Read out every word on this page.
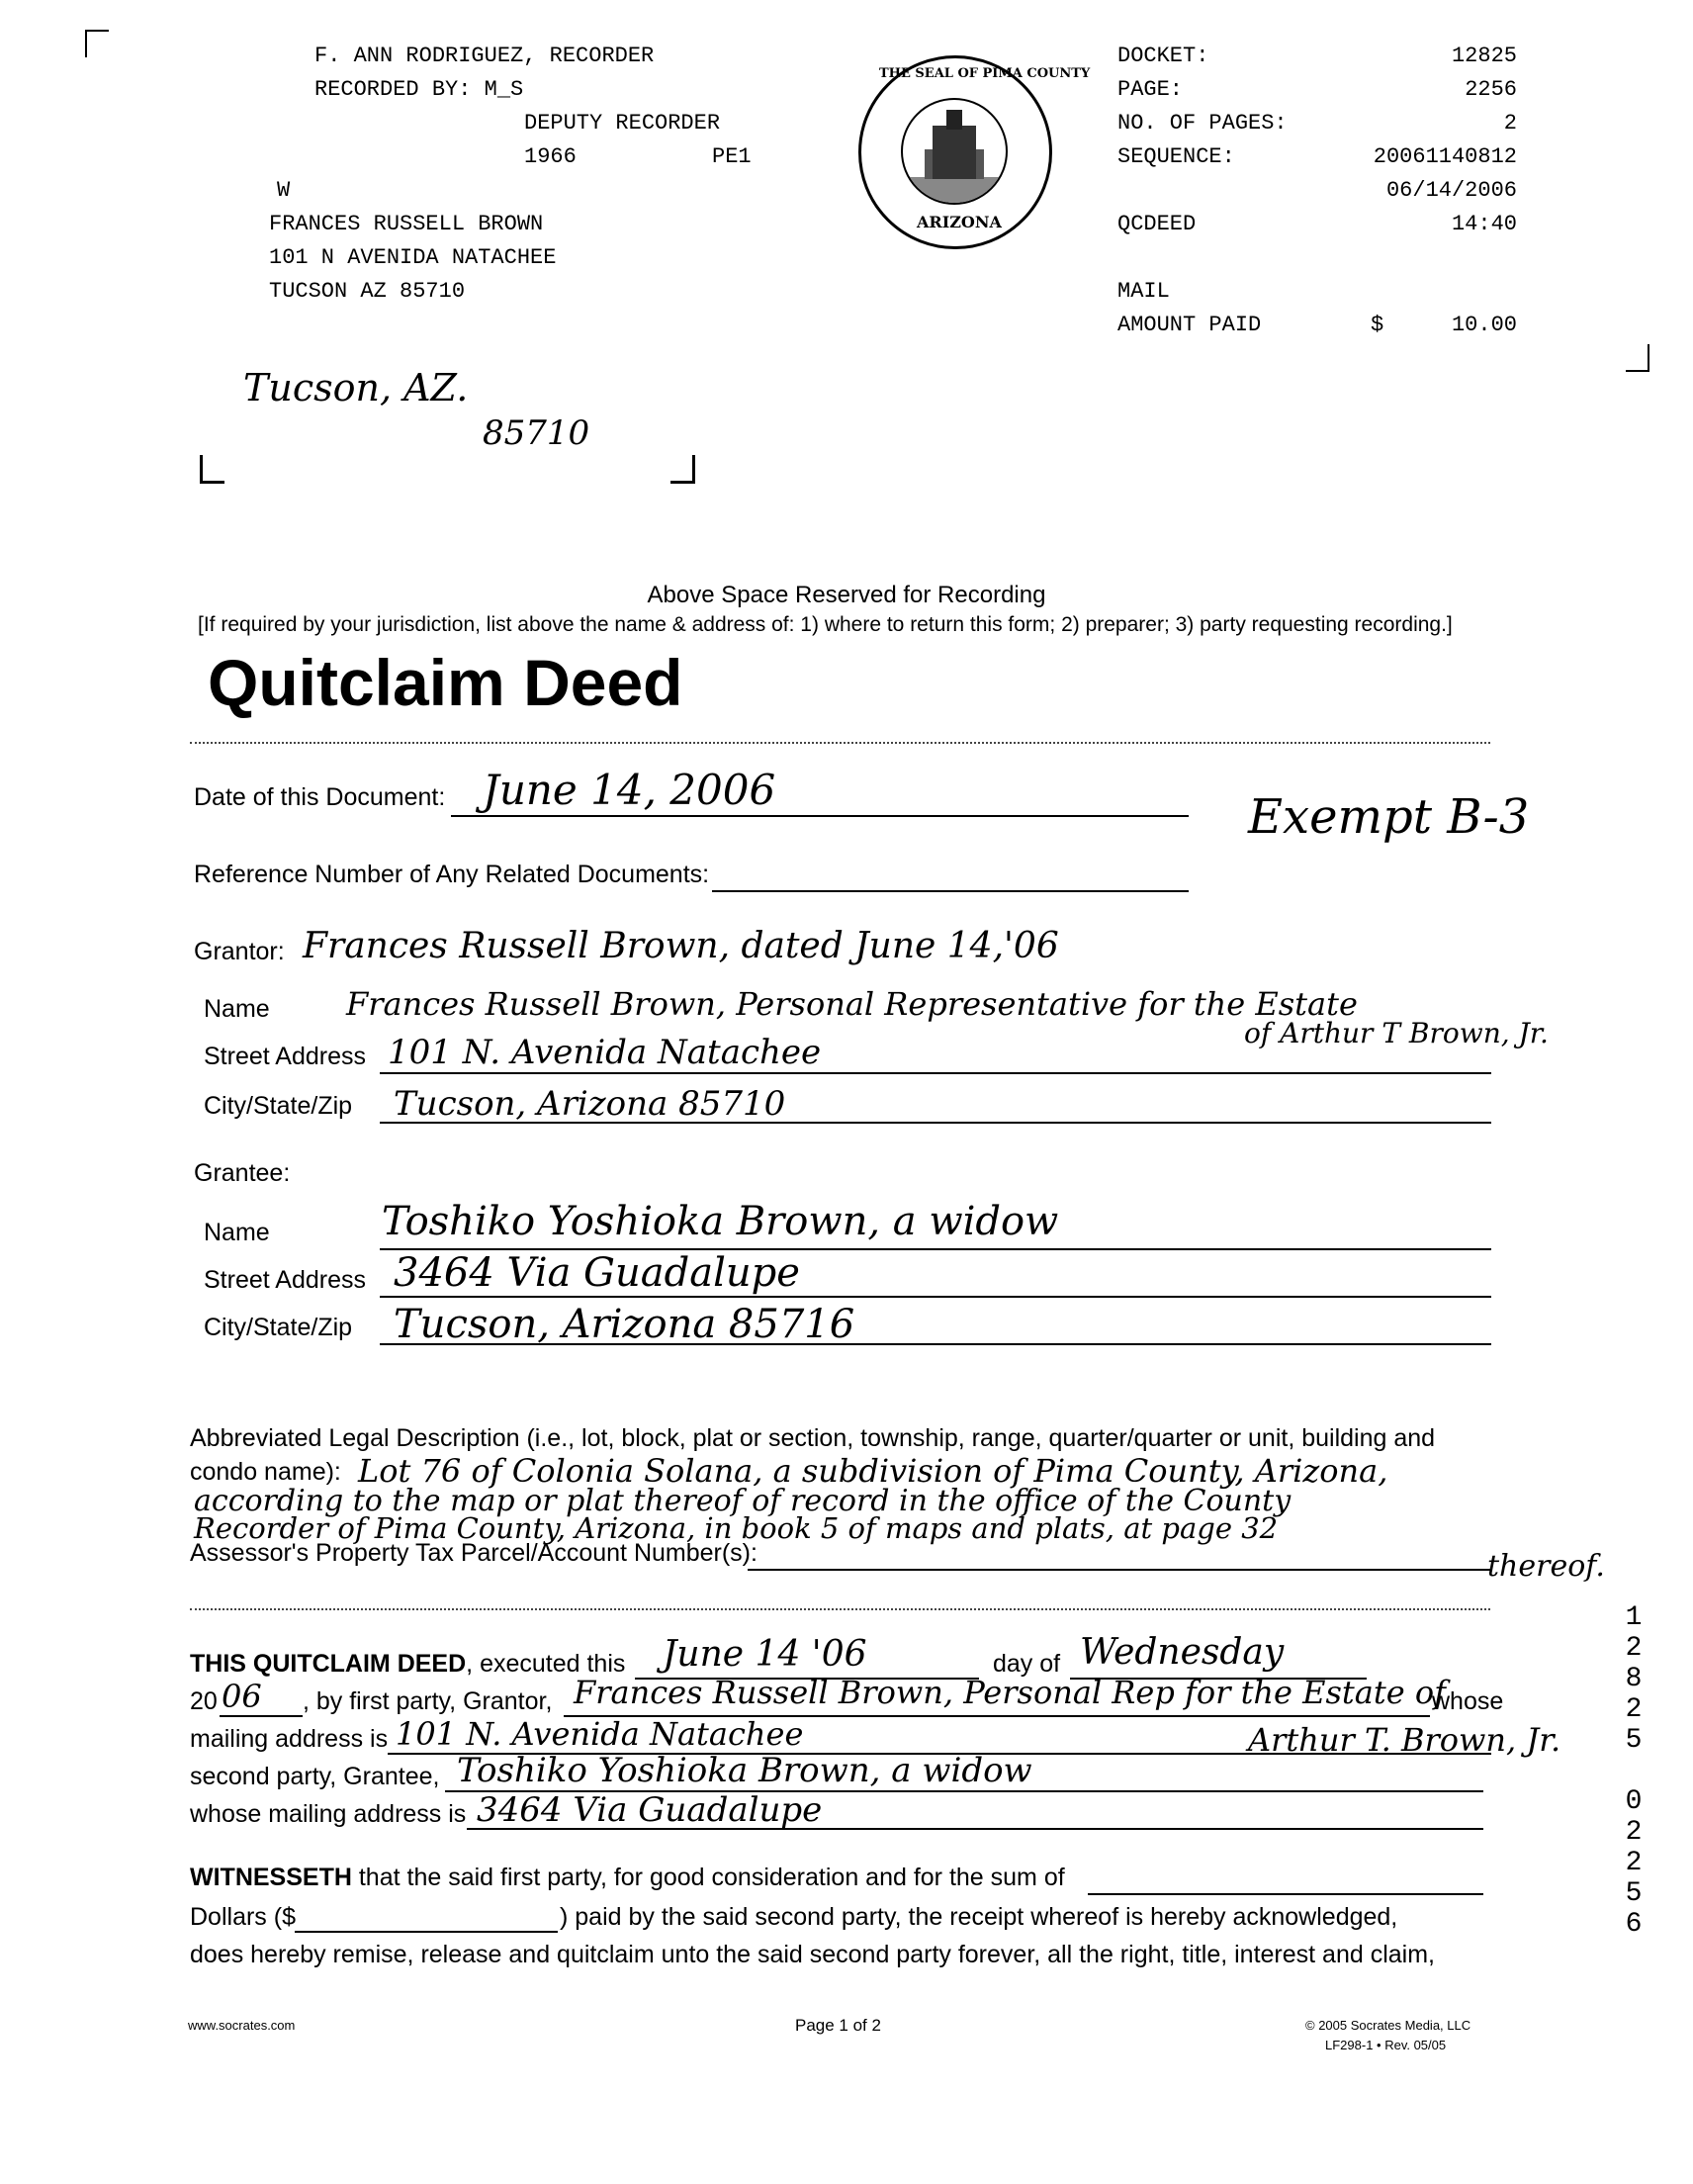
F. ANN RODRIGUEZ, RECORDER
RECORDED BY: M_S
DEPUTY RECORDER
1966	PE1
W
FRANCES RUSSELL BROWN
101 N AVENIDA NATACHEE
TUCSON AZ 85710
THE SEAL OF PIMA COUNTY
ARIZONA
DOCKET:	12825
PAGE:	2256
NO. OF PAGES:	2
SEQUENCE:	20061140812
06/14/2006
QCDEED	14:40
MAIL
AMOUNT PAID	$	10.00
Tucson, AZ.
85710
Above Space Reserved for Recording
[If required by your jurisdiction, list above the name & address of: 1) where to return this form; 2) preparer; 3) party requesting recording.]
Quitclaim Deed
Date of this Document: June 14, 2006	Exempt B-3
Reference Number of Any Related Documents:
Grantor: Frances Russell Brown, dated June 14,'06
Name Frances Russell Brown, Personal Representative for the Estate
of Arthur T Brown, Jr.
Street Address 101 N. Avenida Natachee
City/State/Zip Tucson, Arizona 85710
Grantee:
Name	Toshiko Yoshioka Brown, a widow
Street Address 3464 Via Guadalupe
City/State/Zip Tucson, Arizona 85716
Abbreviated Legal Description (i.e., lot, block, plat or section, township, range, quarter/quarter or unit, building and
condo name): Lot 76 of Colonia Solana, a subdivision of Pima County, Arizona,
according to the map or plat thereof of record in the office of the County
Recorder of Pima County, Arizona, in book 5 of maps and plats, at page 32
Assessor's Property Tax Parcel/Account Number(s):	thereof.
THIS QUITCLAIM DEED, executed this June 14 '06	day of Wednesday
20 06 , by first party, Grantor, Frances Russell Brown, Personal Rep for the Estate of
whose
mailing address is 101 N. Avenida Natachee	Arthur T. Brown, Jr.
second party, Grantee, Toshiko Yoshioka Brown, a widow
whose mailing address is 3464 Via Guadalupe
WITNESSETH that the said first party, for good consideration and for the sum of
Dollars ($	) paid by the said second party, the receipt whereof is hereby acknowledged,
does hereby remise, release and quitclaim unto the said second party forever, all the right, title, interest and claim,
www.socrates.com	Page 1 of 2	© 2005 Socrates Media, LLC
LF298-1 • Rev. 05/05
1
2
8
2
5

0
2
2
5
6
